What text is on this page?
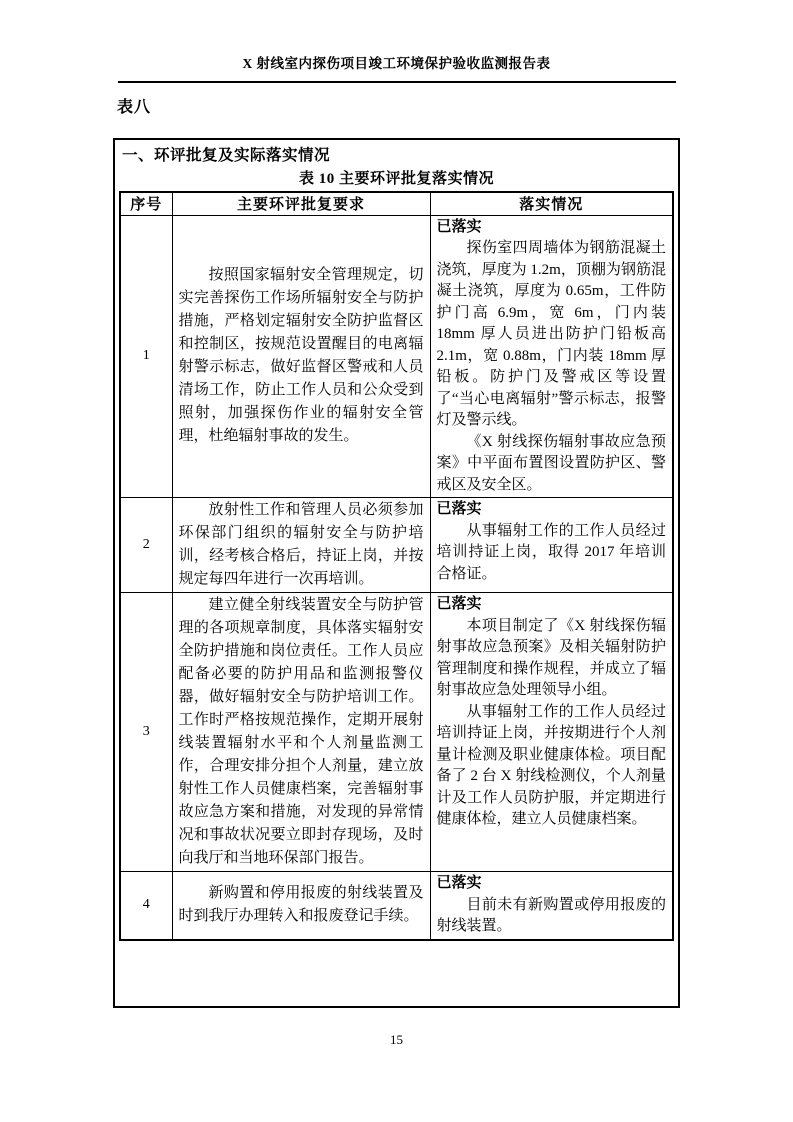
X 射线室内探伤项目竣工环境保护验收监测报告表
表八
一、环评批复及实际落实情况
表 10 主要环评批复落实情况
序号	主要环评批复要求	落实情况
1	按照国家辐射安全管理规定，切实完善探伤工作场所辐射安全与防护措施，严格划定辐射安全防护监督区和控制区，按规范设置醒目的电离辐射警示标志，做好监督区警戒和人员清场工作，防止工作人员和公众受到照射，加强探伤作业的辐射安全管理，杜绝辐射事故的发生。	已落实

探伤室四周墙体为钢筋混凝土浇筑，厚度为 1.2m，顶棚为钢筋混凝土浇筑，厚度为 0.65m，工件防护门高 6.9m，宽 6m，门内装 18mm 厚人员进出防护门铅板高 2.1m，宽 0.88m，门内装 18mm 厚铅板。防护门及警戒区等设置了“当心电离辐射”警示标志，报警灯及警示线。

《X 射线探伤辐射事故应急预案》中平面布置图设置防护区、警戒区及安全区。

2	放射性工作和管理人员必须参加环保部门组织的辐射安全与防护培训，经考核合格后，持证上岗，并按规定每四年进行一次再培训。	已落实

从事辐射工作的工作人员经过培训持证上岗，取得 2017 年培训合格证。

3	建立健全射线装置安全与防护管理的各项规章制度，具体落实辐射安全防护措施和岗位责任。工作人员应配备必要的防护用品和监测报警仪器，做好辐射安全与防护培训工作。工作时严格按规范操作，定期开展射线装置辐射水平和个人剂量监测工作，合理安排分担个人剂量，建立放射性工作人员健康档案，完善辐射事故应急方案和措施，对发现的异常情况和事故状况要立即封存现场，及时向我厅和当地环保部门报告。	已落实

本项目制定了《X 射线探伤辐射事故应急预案》及相关辐射防护管理制度和操作规程，并成立了辐射事故应急处理领导小组。

从事辐射工作的工作人员经过培训持证上岗，并按期进行个人剂量计检测及职业健康体检。项目配备了 2 台 X 射线检测仪，个人剂量计及工作人员防护服，并定期进行健康体检，建立人员健康档案。

4	新购置和停用报废的射线装置及时到我厅办理转入和报废登记手续。	已落实

目前未有新购置或停用报废的射线装置。

15
